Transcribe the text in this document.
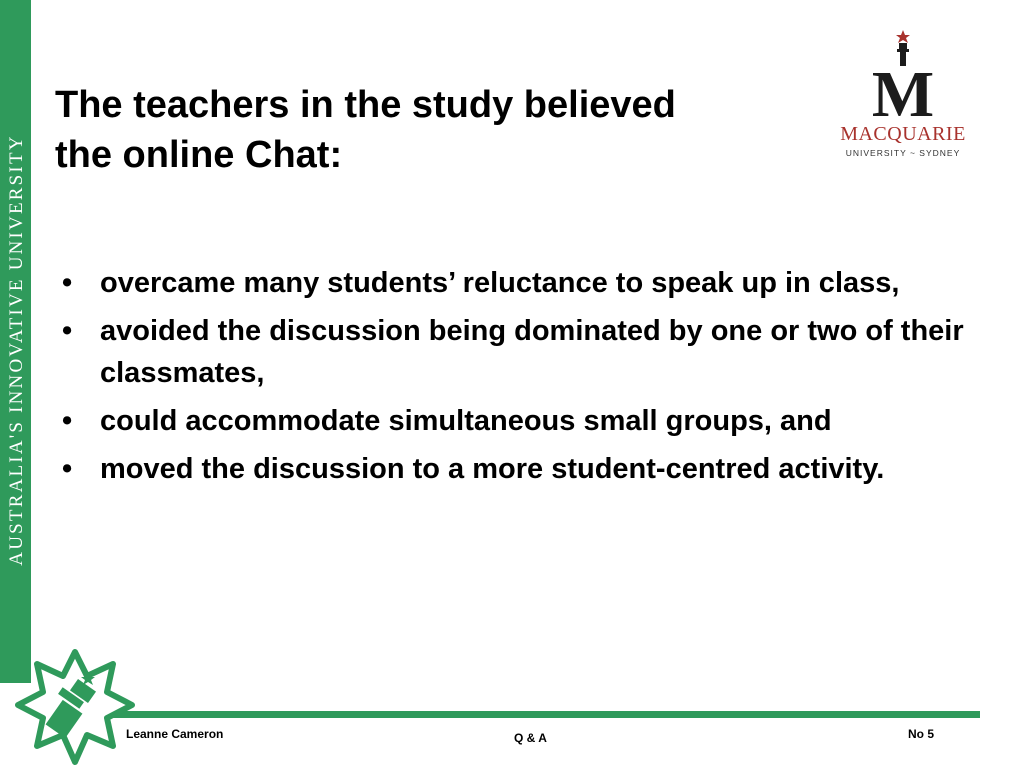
AUSTRALIA'S INNOVATIVE UNIVERSITY
The teachers in the study believed
the online Chat:
M
MACQUARIE
UNIVERSITY ~ SYDNEY
• overcame many students’ reluctance to speak up in class,
• avoided the discussion being dominated by one or two of their classmates,
• could accommodate simultaneous small groups, and
• moved the discussion to a more student-centred activity.
Leanne Cameron	Q & A	No 5
